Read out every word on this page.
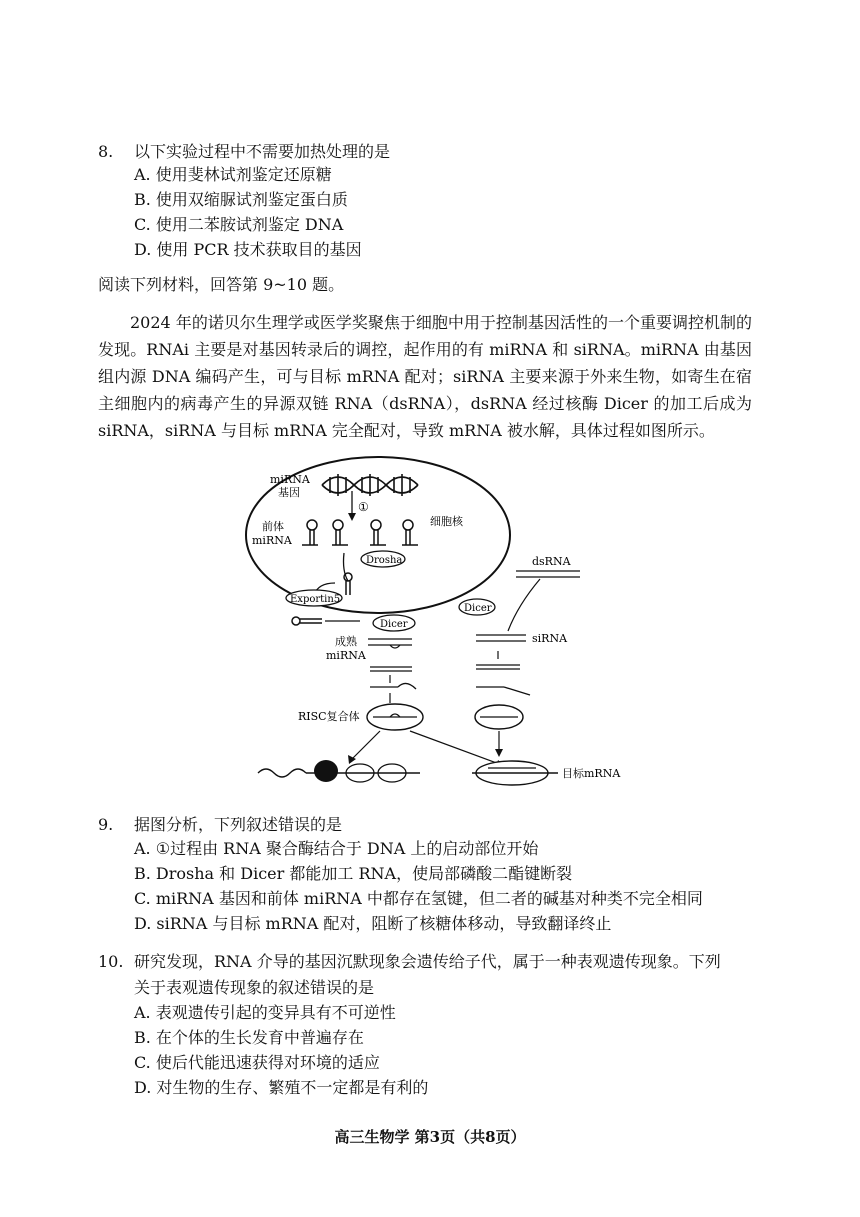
8. 以下实验过程中不需要加热处理的是
A. 使用斐林试剂鉴定还原糖
B. 使用双缩脲试剂鉴定蛋白质
C. 使用二苯胺试剂鉴定 DNA
D. 使用 PCR 技术获取目的基因
阅读下列材料，回答第 9~10 题。

2024 年的诺贝尔生理学或医学奖聚焦于细胞中用于控制基因活性的一个重要调控机制的发现。RNAi 主要是对基因转录后的调控，起作用的有 miRNA 和 siRNA。miRNA 由基因组内源 DNA 编码产生，可与目标 mRNA 配对；siRNA 主要来源于外来生物，如寄生在宿主细胞内的病毒产生的异源双链 RNA（dsRNA），dsRNA 经过核酶 Dicer 的加工后成为 siRNA，siRNA 与目标 mRNA 完全配对，导致 mRNA 被水解，具体过程如图所示。

miRNA
基因
①
前体
miRNA
细胞核
Drosha
Exportin5
Dicer
成熟
miRNA
RISC复合体
dsRNA
Dicer
siRNA
目标mRNA
9. 据图分析，下列叙述错误的是
A. ①过程由 RNA 聚合酶结合于 DNA 上的启动部位开始
B. Drosha 和 Dicer 都能加工 RNA，使局部磷酸二酯键断裂
C. miRNA 基因和前体 miRNA 中都存在氢键，但二者的碱基对种类不完全相同
D. siRNA 与目标 mRNA 配对，阻断了核糖体移动，导致翻译终止
10. 研究发现，RNA 介导的基因沉默现象会遗传给子代，属于一种表观遗传现象。下列
关于表观遗传现象的叙述错误的是
A. 表观遗传引起的变异具有不可逆性
B. 在个体的生长发育中普遍存在
C. 使后代能迅速获得对环境的适应
D. 对生物的生存、繁殖不一定都是有利的
高三生物学 第3页（共8页）
